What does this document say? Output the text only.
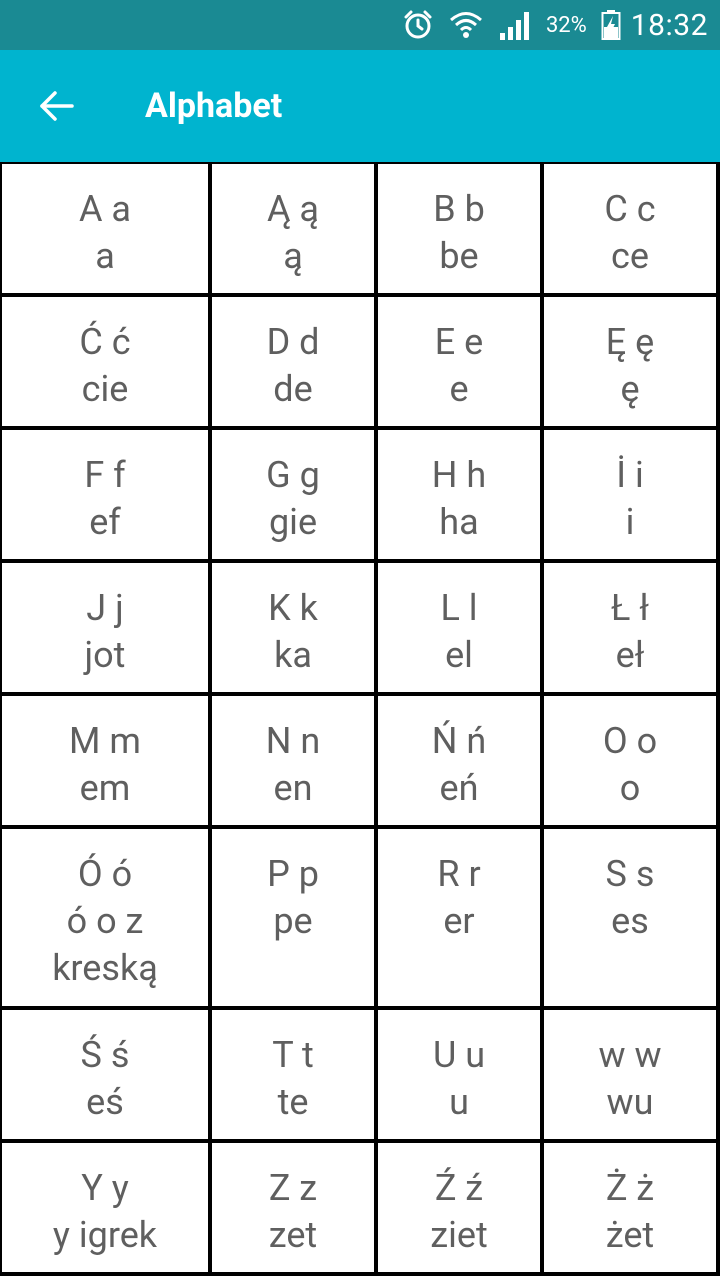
32% 18:32
Alphabet
A a
a
Ą ą
ą
B b
be
C c
ce
Ć ć
cie
D d
de
E e
e
Ę ę
ę
F f
ef
G g
gie
H h
ha
İ i
i
J j
jot
K k
ka
L l
el
Ł ł
eł
M m
em
N n
en
Ń ń
eń
O o
o
Ó ó
ó o z kreską
P p
pe
R r
er
S s
es
Ś ś
eś
T t
te
U u
u
w w
wu
Y y
y igrek
Z z
zet
Ź ź
ziet
Ż ż
żet
